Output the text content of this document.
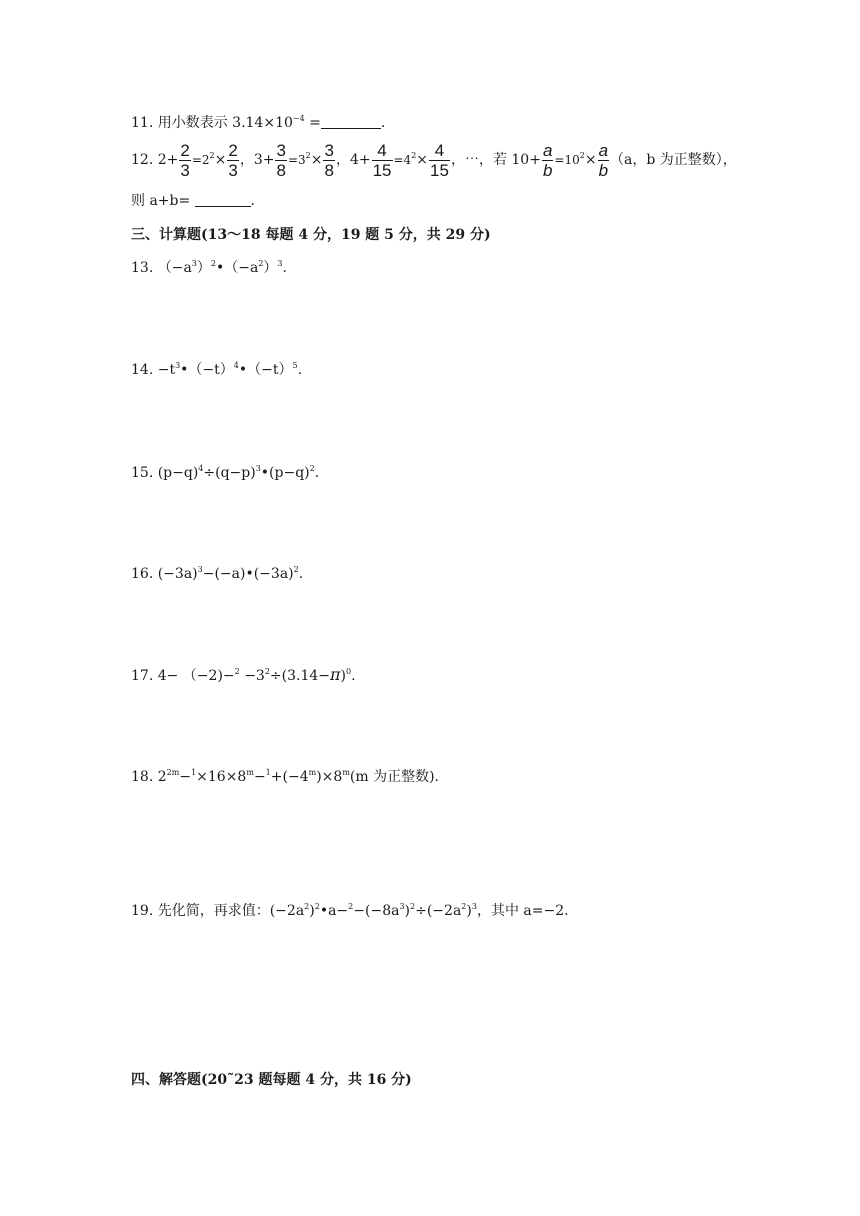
11. 用小数表示 $3.14\times 10^{-4}$ =	.
12. $2+ \frac{2}{3} =2^2\times \frac{2}{3}$ ，$3+ \frac{3}{8} =3^2\times \frac{3}{8}$ ，$4+ \frac{4}{15} =4^2\times \frac{4}{15}$ ，⋯，若 $10+ \frac{a}{b} =10^2\times \frac{a}{b} (a$，b 为正整数），
则 a+b=	.
三、计算题(13～18 每题 4 分，19 题 5 分，共 29 分)
13. $(-a^3)^2•(-a^2)^3$.
14. $-t^3•(-t)^4•(-t)^5$.
15. $(p-q)^4\div(q-p)^3•(p-q)^2$.
16. $(-3a)^3-(-a)•(-3a)^2$.
17. $4- (-2)-^2 -3^2\div(3.14-\pi)^0$.
18. $2^{2m}-^1\times 16\times 8^m-^1+(-4^m)\times 8^m(m$ 为正整数).
19. 先化简，再求值：$(-2a^2)^2•a-^2-(-8a^3)^2\div(-2a^2)^3$，其中 a=−2.
四、解答题(20˜23 题每题 4 分，共 16 分)
